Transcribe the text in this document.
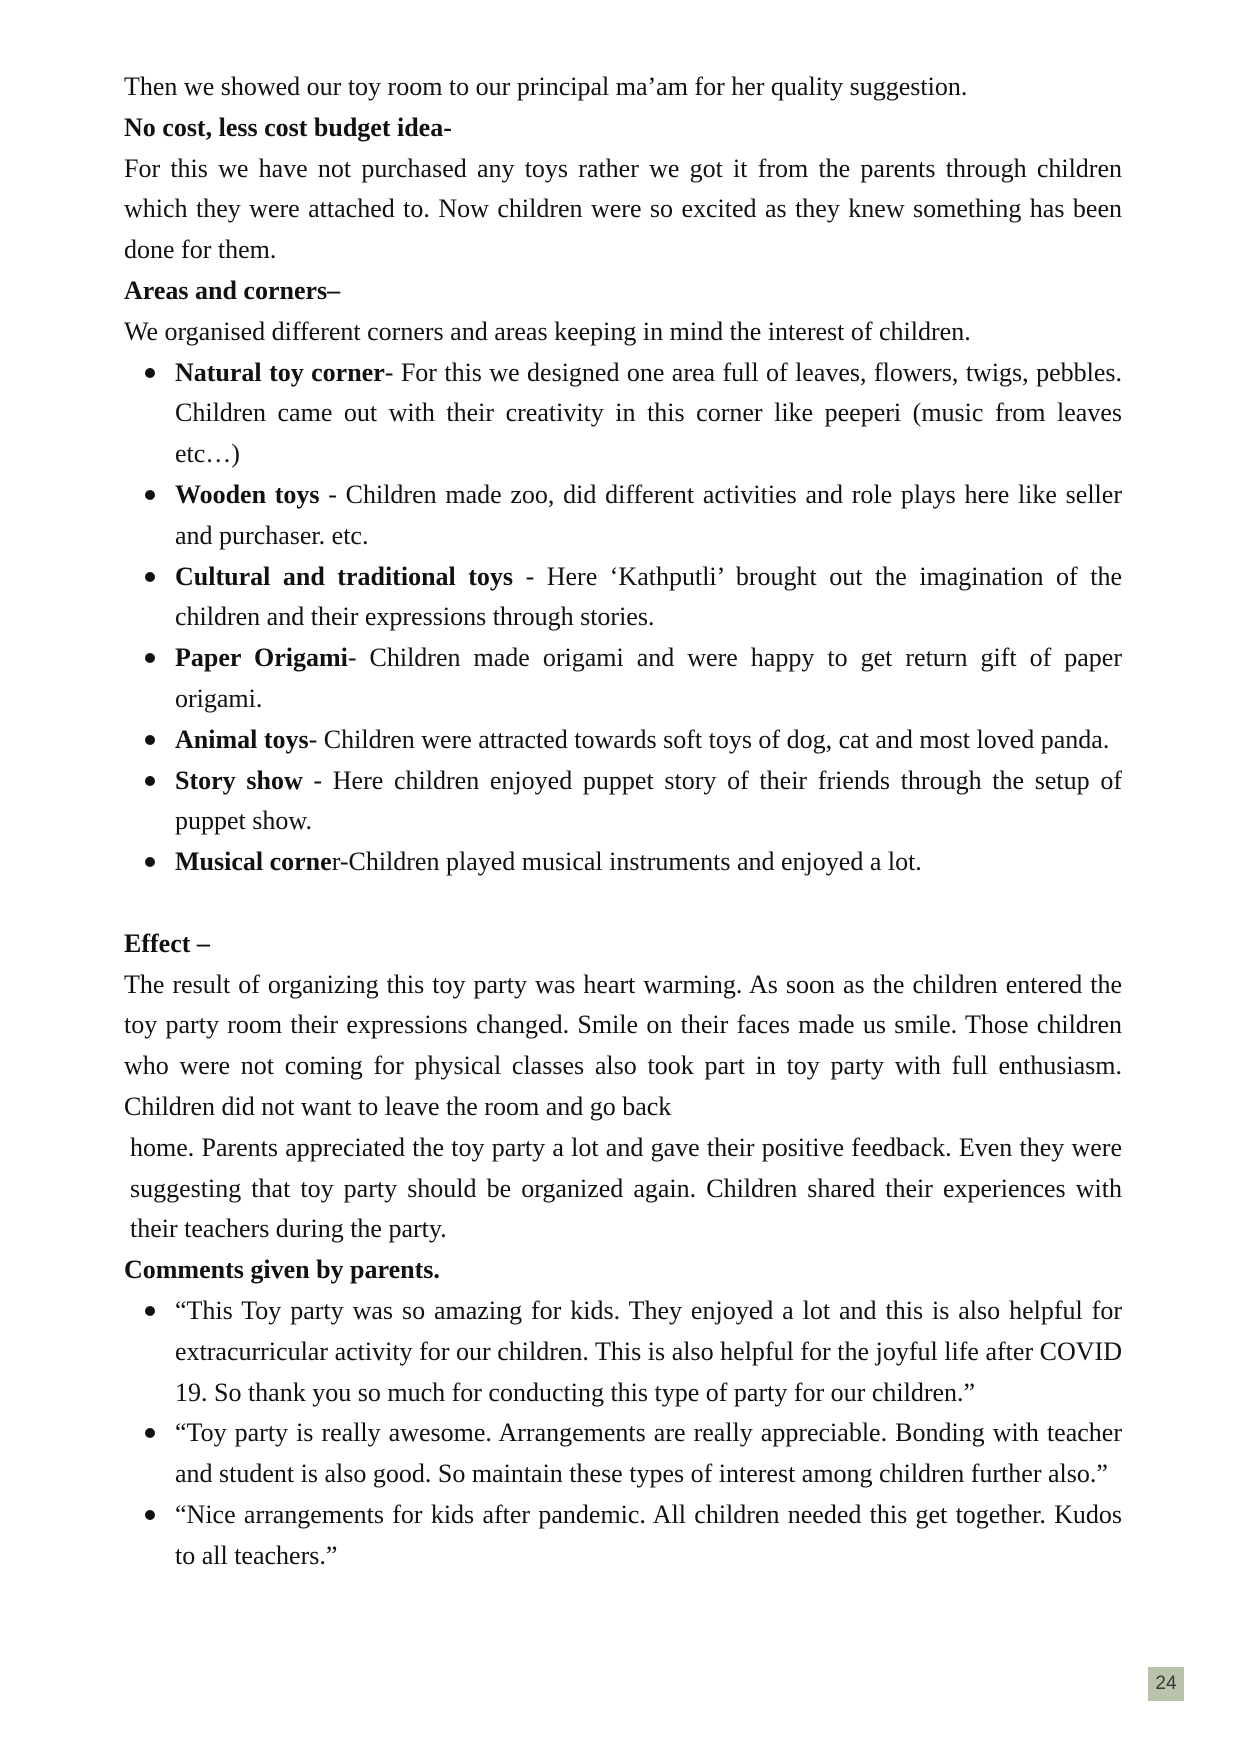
Then we showed our toy room to our principal ma’am for her quality suggestion.

No cost, less cost budget idea-

For this we have not purchased any toys rather we got it from the parents through children which they were attached to. Now children were so excited as they knew something has been done for them.

Areas and corners–

We organised different corners and areas keeping in mind the interest of children.

Natural toy corner- For this we designed one area full of leaves, flowers, twigs, pebbles. Children came out with their creativity in this corner like peeperi (music from leaves etc…)
Wooden toys - Children made zoo, did different activities and role plays here like seller and purchaser. etc.
Cultural and traditional toys - Here ‘Kathputli’ brought out the imagination of the children and their expressions through stories.
Paper Origami- Children made origami and were happy to get return gift of paper origami.
Animal toys- Children were attracted towards soft toys of dog, cat and most loved panda.
Story show - Here children enjoyed puppet story of their friends through the setup of puppet show.
Musical corner-Children played musical instruments and enjoyed a lot.

Effect –

The result of organizing this toy party was heart warming. As soon as the children entered the toy party room their expressions changed. Smile on their faces made us smile. Those children who were not coming for physical classes also took part in toy party with full enthusiasm. Children did not want to leave the room and go back

home. Parents appreciated the toy party a lot and gave their positive feedback. Even they were suggesting that toy party should be organized again. Children shared their experiences with their teachers during the party.

Comments given by parents.

“This Toy party was so amazing for kids. They enjoyed a lot and this is also helpful for extracurricular activity for our children. This is also helpful for the joyful life after COVID 19. So thank you so much for conducting this type of party for our children.”
“Toy party is really awesome. Arrangements are really appreciable. Bonding with teacher and student is also good. So maintain these types of interest among children further also.”
“Nice arrangements for kids after pandemic. All children needed this get together. Kudos to all teachers.”
24
